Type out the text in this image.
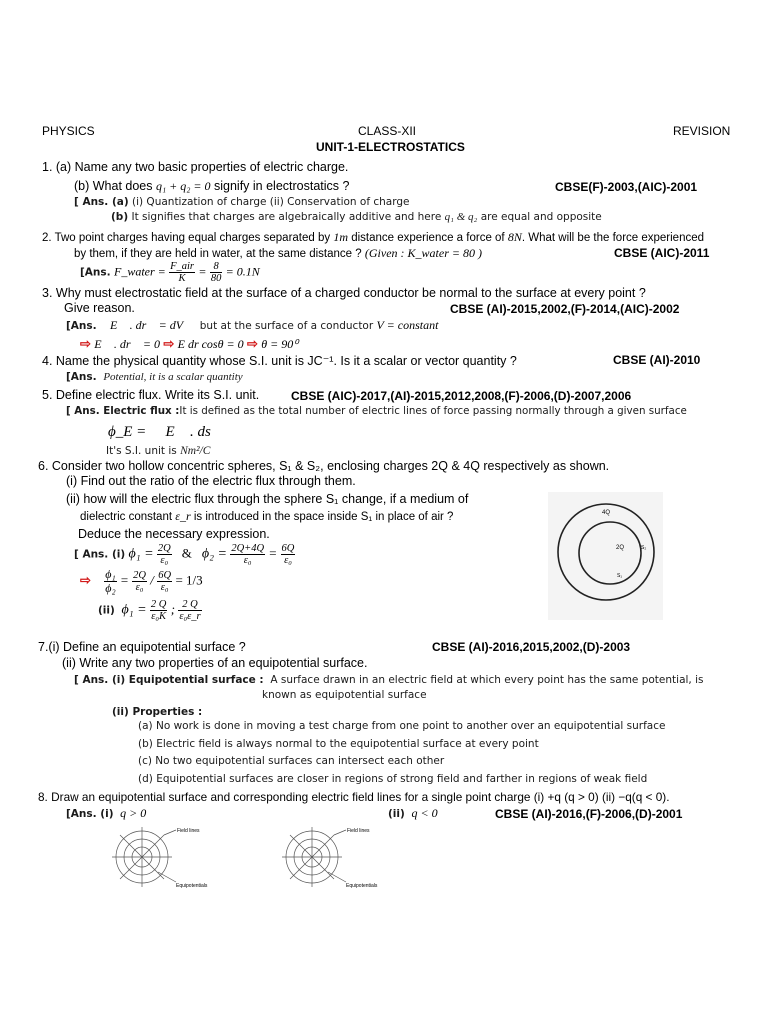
PHYSICS	CLASS-XII	REVISION
UNIT-1-ELECTROSTATICS
1. (a) Name any two basic properties of electric charge.
(b) What does q₁ + q₂ = 0 signify in electrostatics ?	CBSE(F)-2003,(AIC)-2001
[ Ans. (a) (i) Quantization of charge (ii) Conservation of charge
(b) It signifies that charges are algebraically additive and here q₁ & q₂ are equal and opposite
2. Two point charges having equal charges separated by 1m distance experience a force of 8N. What will be the force experienced
by them, if they are held in water, at the same distance ? (Given : K_water = 80 )	CBSE (AIC)-2011
[Ans. F_water = $\frac{\text{F\_air}}{K} = \frac{8}{80} = 0.1N$
3. Why must electrostatic field at the surface of a charged conductor be normal to the surface at every point ?
Give reason.	CBSE (AI)-2015,2002,(F)-2014,(AIC)-2002
[Ans. E⃗ . dr⃗ = dV but at the surface of a conductor V = constant
⇨ E⃗ . dr⃗ = 0 ⇨ E dr cosθ = 0 ⇨ θ = 90⁰
4. Name the physical quantity whose S.I. unit is JC⁻¹. Is it a scalar or vector quantity ?	CBSE (AI)-2010
[Ans. Potential, it is a scalar quantity
5. Define electric flux. Write its S.I. unit.	CBSE (AIC)-2017,(AI)-2015,2012,2008,(F)-2006,(D)-2007,2006
[ Ans. Electric flux :It is defined as the total number of electric lines of force passing normally through a given surface
ϕ_E = ∮ E⃗ . ds⃗
It's S.I. unit is Nm²/C
6. Consider two hollow concentric spheres, S₁ & S₂, enclosing charges 2Q & 4Q respectively as shown.
(i) Find out the ratio of the electric flux through them.
(ii) how will the electric flux through the sphere S₁ change, if a medium of
dielectric constant ε_r is introduced in the space inside S₁ in place of air ?
Deduce the necessary expression.
[ Ans. (i) $\phi_1 = \frac{2Q}{\text{ε₀}}$ & $\phi_2 = \frac{2Q+4Q}{\text{ε₀}} = \frac{6Q}{\text{ε₀}}$
⇨ $\frac{\text{ϕ₁}}{\text{ϕ₂}} = \frac{2Q}{\text{ε₀}} / \frac{6Q}{\text{ε₀}} = 1/3$
(ii) $\phi_1 = \frac{2 Q}{\text{ε₀K}}$ ; $\frac{2 Q}{\text{ε₀ε\_r}}$
4Q
2Q	S₂
S₁
7.(i) Define an equipotential surface ?	CBSE (AI)-2016,2015,2002,(D)-2003
(ii) Write any two properties of an equipotential surface.
[ Ans. (i) Equipotential surface : A surface drawn in an electric field at which every point has the same potential, is
known as equipotential surface
(ii) Properties :
(a) No work is done in moving a test charge from one point to another over an equipotential surface
(b) Electric field is always normal to the equipotential surface at every point
(c) No two equipotential surfaces can intersect each other
(d) Equipotential surfaces are closer in regions of strong field and farther in regions of weak field
8. Draw an equipotential surface and corresponding electric field lines for a single point charge (i) +q (q > 0) (ii) −q(q < 0).
[Ans. (i) q > 0	(ii) q < 0	CBSE (AI)-2016,(F)-2006,(D)-2001
Field lines
Equipotentials
Field lines
Equipotentials
